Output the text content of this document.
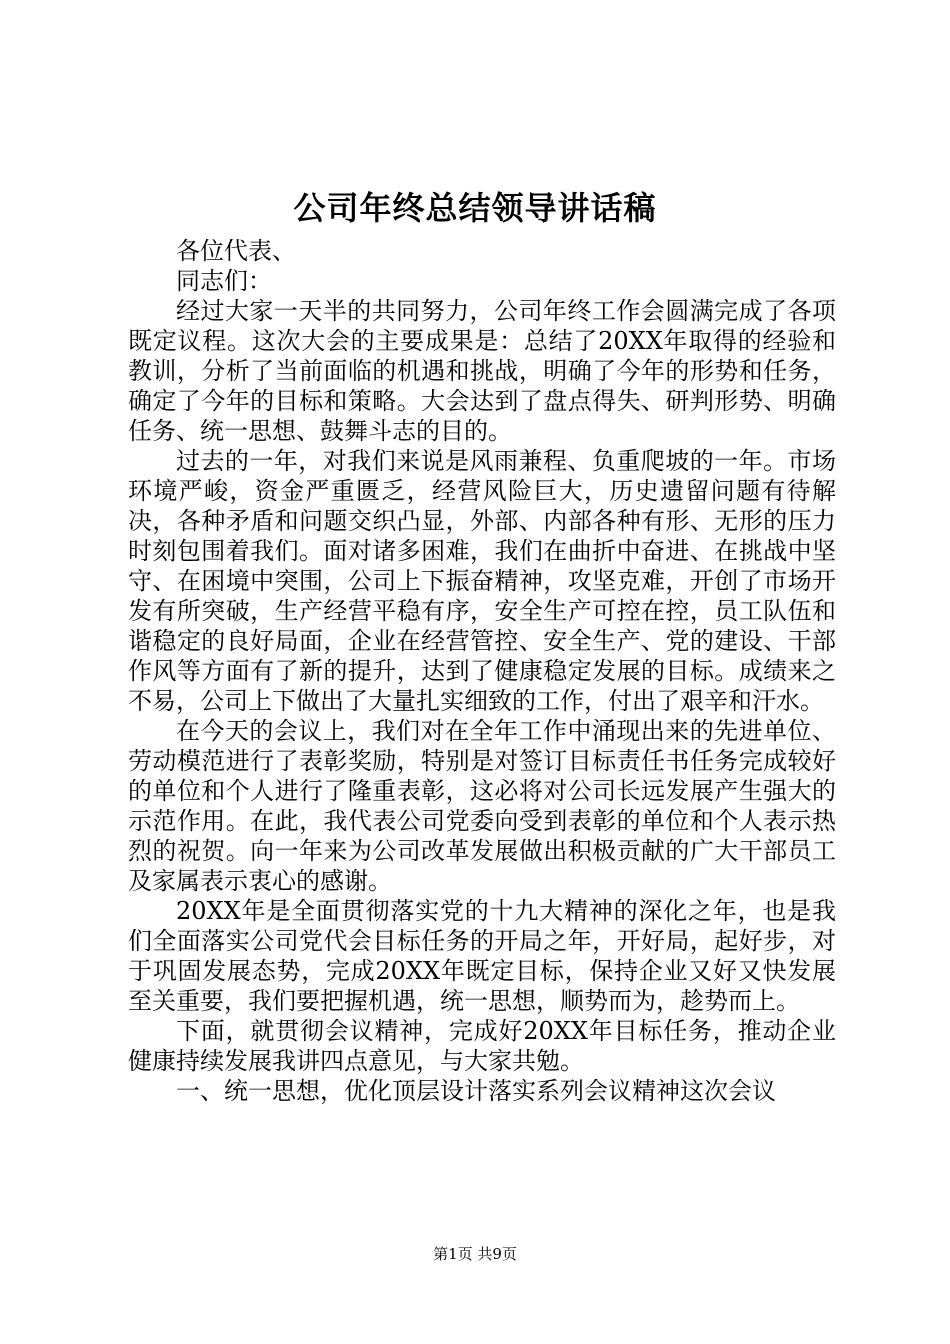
公司年终总结领导讲话稿

各位代表、

同志们：

经过大家一天半的共同努力，公司年终工作会圆满完成了各项既定议程。这次大会的主要成果是：总结了20XX年取得的经验和教训，分析了当前面临的机遇和挑战，明确了今年的形势和任务，确定了今年的目标和策略。大会达到了盘点得失、研判形势、明确任务、统一思想、鼓舞斗志的目的。

过去的一年，对我们来说是风雨兼程、负重爬坡的一年。市场环境严峻，资金严重匮乏，经营风险巨大，历史遗留问题有待解决，各种矛盾和问题交织凸显，外部、内部各种有形、无形的压力时刻包围着我们。面对诸多困难，我们在曲折中奋进、在挑战中坚守、在困境中突围，公司上下振奋精神，攻坚克难，开创了市场开发有所突破，生产经营平稳有序，安全生产可控在控，员工队伍和谐稳定的良好局面，企业在经营管控、安全生产、党的建设、干部作风等方面有了新的提升，达到了健康稳定发展的目标。成绩来之不易，公司上下做出了大量扎实细致的工作，付出了艰辛和汗水。

在今天的会议上，我们对在全年工作中涌现出来的先进单位、劳动模范进行了表彰奖励，特别是对签订目标责任书任务完成较好的单位和个人进行了隆重表彰，这必将对公司长远发展产生强大的示范作用。在此，我代表公司党委向受到表彰的单位和个人表示热烈的祝贺。向一年来为公司改革发展做出积极贡献的广大干部员工及家属表示衷心的感谢。

20XX年是全面贯彻落实党的十九大精神的深化之年，也是我们全面落实公司党代会目标任务的开局之年，开好局，起好步，对于巩固发展态势，完成20XX年既定目标，保持企业又好又快发展至关重要，我们要把握机遇，统一思想，顺势而为，趁势而上。

下面，就贯彻会议精神，完成好20XX年目标任务，推动企业健康持续发展我讲四点意见，与大家共勉。

一、统一思想，优化顶层设计落实系列会议精神这次会议

第1页 共9页
